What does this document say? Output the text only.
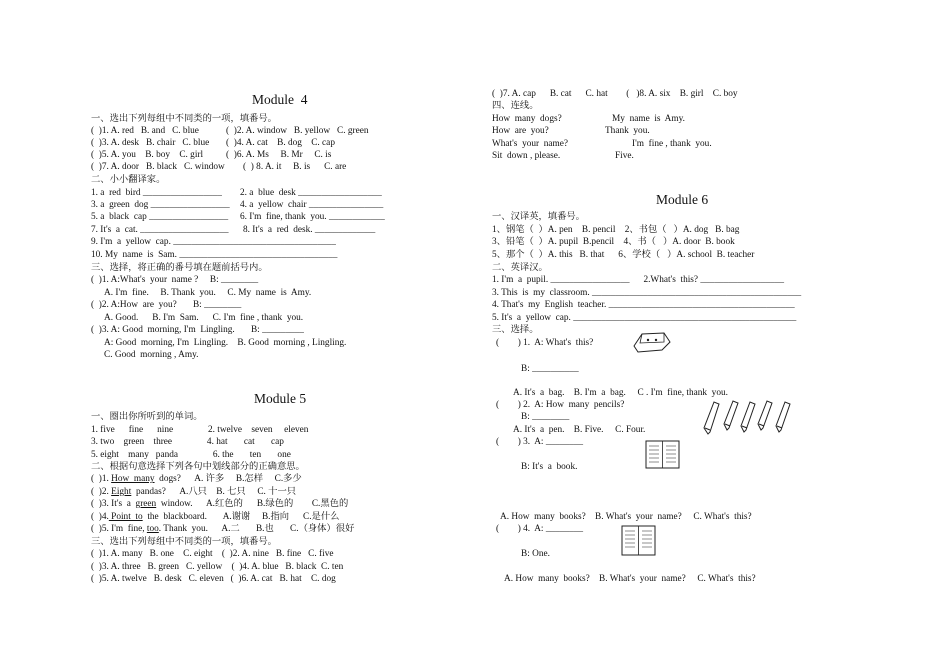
Module  4
一、选出下列每组中不同类的一项，填番号。
(  )1. A. red   B. and   C. blue	(  )2. A. window   B. yellow   C. green
(  )3. A. desk   B. chair   C. blue (  )4. A. cat    B. dog    C. cap
(  )5. A. you    B. boy    C. girl (  )6. A. Ms     B. Mr     C. is
(  )7. A. door   B. black   C. window (  ) 8. A. it     B. is      C. are
二、小小翻译家。
1. a  red  bird _________________ 2. a  blue  desk __________________
3. a  green  dog _________________ 4. a  yellow  chair ________________
5. a  black  cap _________________ 6. I'm  fine, thank  you. ____________
7. It's  a  cat. ___________________ 8. It's  a  red  desk. _____________
9. I'm  a  yellow  cap. ___________________________________
10. My  name  is  Sam. __________________________________
三、选择，将正确的番号填在题前括号内。
(  )1. A:What's  your  name ?     B: ________
A. I'm  fine.     B. Thank  you.     C. My  name  is  Amy.
(  )2. A:How  are  you?       B: ________
A. Good.      B. I'm  Sam.      C. I'm  fine , thank  you.
(  )3. A: Good  morning, I'm  Lingling.       B: _________
A: Good  morning, I'm  Lingling.    B. Good  morning , Lingling.
C. Good  morning , Amy.
Module 5
一、圈出你所听到的单词。
1. five      fine      nine               2. twelve    seven     eleven
3. two    green    three               4. hat       cat       cap
5. eight    many   panda               6. the       ten       one
二、根据句意选择下列各句中划线部分的正确意思。
(  )1. How  many  dogs?      A. 许多     B.怎样     C.多少
(  )2. Eight  pandas?      A.八只    B. 七只     C. 十一只
(  )3. It's  a  green  window.      A.红色的      B.绿色的        C.黑色的
(  )4. Point  to  the  blackboard.       A.谢谢     B.指向      C.是什么
(  )5. I'm  fine, too. Thank  you.      A.二       B.也       C.（身体）很好
三、选出下列每组中不同类的一项，填番号。
(  )1. A. many   B. one    C. eight    (  )2. A. nine   B. fine   C. five
(  )3. A. three   B. green   C. yellow    (  )4. A. blue   B. black  C. ten
(  )5. A. twelve   B. desk   C. eleven   (  )6. A. cat   B. hat    C. dog
(  )7. A. cap      B. cat      C. hat        (   )8. A. six    B. girl    C. boy
四、连线。
How  many  dogs?	My  name  is  Amy.
How  are  you?	Thank  you.
What's  your  name?	I'm  fine , thank  you.
Sit  down , please.	Five.
Module 6
一、汉译英，填番号。
1、钢笔（  ）A. pen    B. pencil    2、书包（   ）A. dog   B. bag
3、铅笔（  ）A. pupil  B.pencil    4、书（   ）A. door  B. book
5、那个（  ）A. this   B. that      6、学校（   ）A. school  B. teacher
二、英译汉。
1. I'm  a  pupil. _________________      2.What's  this? __________________
3. This  is  my  classroom. _____________________________________________
4. That's  my  English  teacher. ________________________________________
5. It's  a  yellow  cap. ________________________________________________
三、选择。
(        ) 1.  A: What's  this?
B: __________
A. It's  a  bag.    B. I'm  a  bag.     C . I'm  fine, thank  you.
(        ) 2.  A: How  many  pencils?
B: ________
A. It's  a  pen.    B. Five.     C. Four.
(        ) 3.  A: ________
B: It's  a  book.
A. How  many  books?    B. What's  your  name?     C. What's  this?
(        ) 4.  A: ________
B: One.
A. How  many  books?    B. What's  your  name?     C. What's  this?
